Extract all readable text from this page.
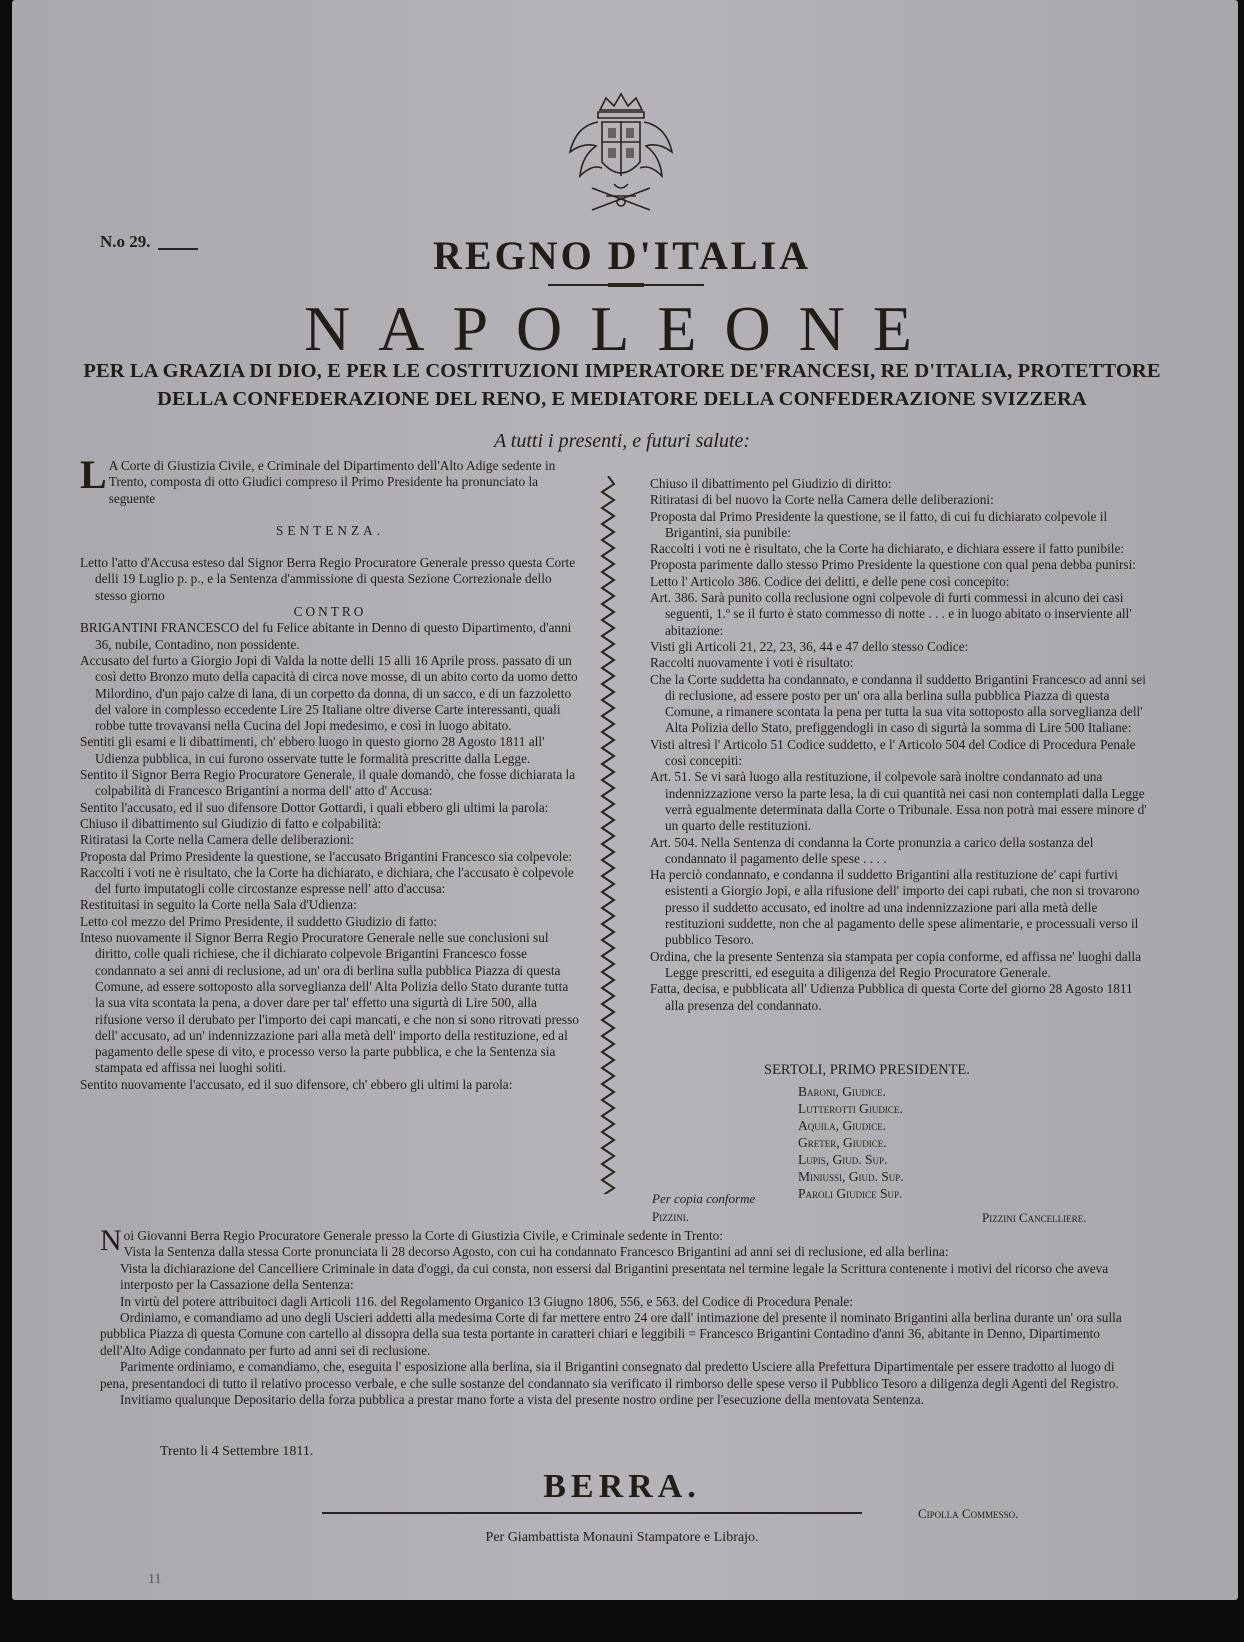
N.o 29.	REGNO D'ITALIA
NAPOLEONE
PER LA GRAZIA DI DIO, E PER LE COSTITUZIONI IMPERATORE DE'FRANCESI, RE D'ITALIA, PROTETTORE
DELLA CONFEDERAZIONE DEL RENO, E MEDIATORE DELLA CONFEDERAZIONE SVIZZERA
A tutti i presenti, e futuri salute:

L A Corte di Giustizia Civile, e Criminale del Dipartimento dell'Alto Adige sedente in Trento, composta di otto Giudici compreso il Primo Presidente ha pronunciato la seguente

SENTENZA.

Letto l'atto d'Accusa esteso dal Signor Berra Regio Procuratore Generale presso questa Corte delli 19 Luglio p. p., e la Sentenza d'ammissione di questa Sezione Correzionale dello stesso giorno

CONTRO

BRIGANTINI FRANCESCO del fu Felice abitante in Denno di questo Dipartimento, d'anni 36, nubile, Contadino, non possidente.

Accusato del furto a Giorgio Jopi di Valda la notte delli 15 alli 16 Aprile pross. passato di un così detto Bronzo muto della capacità di circa nove mosse, di un abito corto da uomo detto Milordino, d'un pajo calze di lana, di un corpetto da donna, di un sacco, e di un fazzoletto del valore in complesso eccedente Lire 25 Italiane oltre diverse Carte interessanti, quali robbe tutte trovavansi nella Cucina del Jopi medesimo, e così in luogo abitato.

Sentiti gli esami e li dibattimenti, ch' ebbero luogo in questo giorno 28 Agosto 1811 all' Udienza pubblica, in cui furono osservate tutte le formalità prescritte dalla Legge.

Sentito il Signor Berra Regio Procuratore Generale, il quale domandò, che fosse dichiarata la colpabilità di Francesco Brigantini a norma dell' atto d' Accusa:

Sentito l'accusato, ed il suo difensore Dottor Gottardi, i quali ebbero gli ultimi la parola:

Chiuso il dibattimento sul Giudizio di fatto e colpabilità:

Ritiratasi la Corte nella Camera delle deliberazioni:

Proposta dal Primo Presidente la questione, se l'accusato Brigantini Francesco sia colpevole:

Raccolti i voti ne è risultato, che la Corte ha dichiarato, e dichiara, che l'accusato è colpevole del furto imputatogli colle circostanze espresse nell' atto d'accusa:

Restituitasi in seguito la Corte nella Sala d'Udienza:

Letto col mezzo del Primo Presidente, il suddetto Giudizio di fatto:

Inteso nuovamente il Signor Berra Regio Procuratore Generale nelle sue conclusioni sul diritto, colle quali richiese, che il dichiarato colpevole Brigantini Francesco fosse condannato a sei anni di reclusione, ad un' ora di berlina sulla pubblica Piazza di questa Comune, ad essere sottoposto alla sorveglianza dell' Alta Polizia dello Stato durante tutta la sua vita scontata la pena, a dover dare per tal' effetto una sigurtà di Lire 500, alla rifusione verso il derubato per l'importo dei capi mancati, e che non si sono ritrovati presso dell' accusato, ad un' indennizzazione pari alla metà dell' importo della restituzione, ed al pagamento delle spese di vito, e processo verso la parte pubblica, e che la Sentenza sia stampata ed affissa nei luoghi soliti.

Sentito nuovamente l'accusato, ed il suo difensore, ch' ebbero gli ultimi la parola:

Chiuso il dibattimento pel Giudizio di diritto:

Ritiratasi di bel nuovo la Corte nella Camera delle deliberazioni:

Proposta dal Primo Presidente la questione, se il fatto, di cui fu dichiarato colpevole il Brigantini, sia punibile:

Raccolti i voti ne è risultato, che la Corte ha dichiarato, e dichiara essere il fatto punibile:

Proposta parimente dallo stesso Primo Presidente la questione con qual pena debba punirsi:

Letto l' Articolo 386. Codice dei delitti, e delle pene così concepito:

Art. 386. Sarà punito colla reclusione ogni colpevole di furti commessi in alcuno dei casi seguenti, 1.º se il furto è stato commesso di notte . . . e in luogo abitato o inserviente all' abitazione:

Visti gli Articoli 21, 22, 23, 36, 44 e 47 dello stesso Codice:

Raccolti nuovamente i voti è risultato:

Che la Corte suddetta ha condannato, e condanna il suddetto Brigantini Francesco ad anni sei di reclusione, ad essere posto per un' ora alla berlina sulla pubblica Piazza di questa Comune, a rimanere scontata la pena per tutta la sua vita sottoposto alla sorveglianza dell' Alta Polizia dello Stato, prefiggendogli in caso di sigurtà la somma di Lire 500 Italiane:

Visti altresì l' Articolo 51 Codice suddetto, e l' Articolo 504 del Codice di Procedura Penale così concepiti:

Art. 51. Se vi sarà luogo alla restituzione, il colpevole sarà inoltre condannato ad una indennizzazione verso la parte lesa, la di cui quantità nei casi non contemplati dalla Legge verrà egualmente determinata dalla Corte o Tribunale. Essa non potrà mai essere minore d' un quarto delle restituzioni.

Art. 504. Nella Sentenza di condanna la Corte pronunzia a carico della sostanza del condannato il pagamento delle spese . . . .

Ha perciò condannato, e condanna il suddetto Brigantini alla restituzione de' capi furtivi esistenti a Giorgio Jopi, e alla rifusione dell' importo dei capi rubati, che non si trovarono presso il suddetto accusato, ed inoltre ad una indennizzazione pari alla metà delle restituzioni suddette, non che al pagamento delle spese alimentarie, e processuali verso il pubblico Tesoro.

Ordina, che la presente Sentenza sia stampata per copia conforme, ed affissa ne' luoghi dalla Legge prescritti, ed eseguita a diligenza del Regio Procuratore Generale.

Fatta, decisa, e pubblicata all' Udienza Pubblica di questa Corte del giorno 28 Agosto 1811 alla presenza del condannato.

SERTOLI, PRIMO PRESIDENTE.
Baroni, Giudice.
Lutterotti Giudice.
Aquila, Giudice.
Greter, Giudice.
Lupis, Giud. Sup.
Miniussi, Giud. Sup.
Paroli Giudice Sup.
Per copia conforme
Pizzini.	Pizzini Cancelliere.

Noi Giovanni Berra Regio Procuratore Generale presso la Corte di Giustizia Civile, e Criminale sedente in Trento:

Vista la Sentenza dalla stessa Corte pronunciata li 28 decorso Agosto, con cui ha condannato Francesco Brigantini ad anni sei di reclusione, ed alla berlina:

Vista la dichiarazione del Cancelliere Criminale in data d'oggi, da cui consta, non essersi dal Brigantini presentata nel termine legale la Scrittura contenente i motivi del ricorso che aveva interposto per la Cassazione della Sentenza:

In virtù del potere attribuitoci dagli Articoli 116. del Regolamento Organico 13 Giugno 1806, 556, e 563. del Codice di Procedura Penale:

Ordiniamo, e comandiamo ad uno degli Uscieri addetti alla medesima Corte di far mettere entro 24 ore dall' intimazione del presente il nominato Brigantini alla berlina durante un' ora sulla pubblica Piazza di questa Comune con cartello al dissopra della sua testa portante in caratteri chiari e leggibili = Francesco Brigantini Contadino d'anni 36, abitante in Denno, Dipartimento dell'Alto Adige condannato per furto ad anni sei di reclusione.

Parimente ordiniamo, e comandiamo, che, eseguita l' esposizione alla berlina, sia il Brigantini consegnato dal predetto Usciere alla Prefettura Dipartimentale per essere tradotto al luogo di pena, presentandoci di tutto il relativo processo verbale, e che sulle sostanze del condannato sia verificato il rimborso delle spese verso il Pubblico Tesoro a diligenza degli Agenti del Registro.

Invitiamo qualunque Depositario della forza pubblica a prestar mano forte a vista del presente nostro ordine per l'esecuzione della mentovata Sentenza.

Trento li 4 Settembre 1811.
BERRA.
Cipolla Commesso.
Per Giambattista Monauni Stampatore e Librajo.
11
